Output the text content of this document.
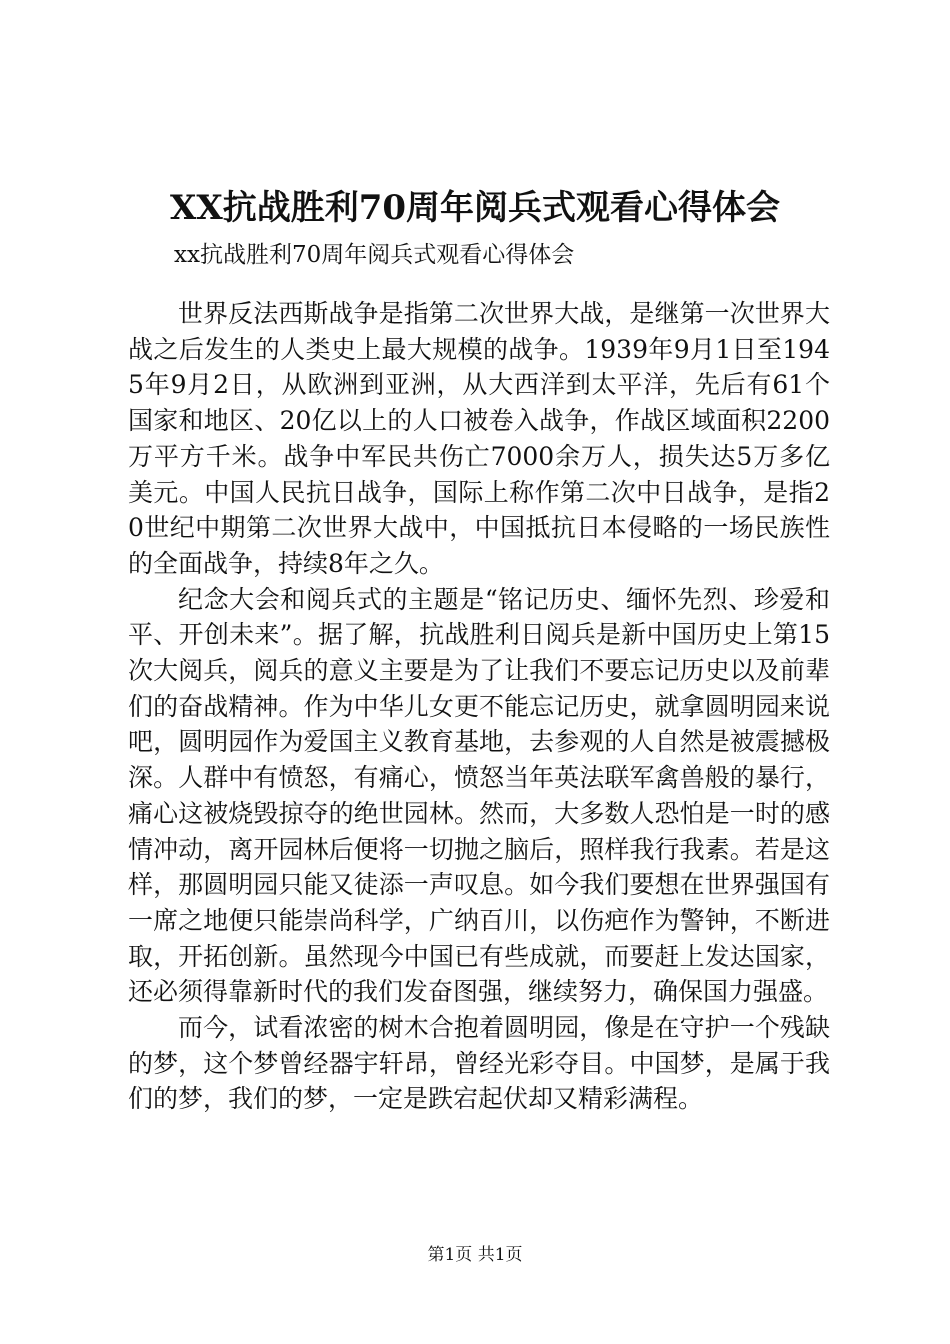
XX抗战胜利70周年阅兵式观看心得体会

xx抗战胜利70周年阅兵式观看心得体会

世界反法西斯战争是指第二次世界大战，是继第一次世界大战之后发生的人类史上最大规模的战争。1939年9月1日至1945年9月2日，从欧洲到亚洲，从大西洋到太平洋，先后有61个国家和地区、20亿以上的人口被卷入战争，作战区域面积2200万平方千米。战争中军民共伤亡7000余万人，损失达5万多亿美元。中国人民抗日战争，国际上称作第二次中日战争，是指20世纪中期第二次世界大战中，中国抵抗日本侵略的一场民族性的全面战争，持续8年之久。

纪念大会和阅兵式的主题是“铭记历史、缅怀先烈、珍爱和平、开创未来”。据了解，抗战胜利日阅兵是新中国历史上第15次大阅兵，阅兵的意义主要是为了让我们不要忘记历史以及前辈们的奋战精神。作为中华儿女更不能忘记历史，就拿圆明园来说吧，圆明园作为爱国主义教育基地，去参观的人自然是被震撼极深。人群中有愤怒，有痛心，愤怒当年英法联军禽兽般的暴行，痛心这被烧毁掠夺的绝世园林。然而，大多数人恐怕是一时的感情冲动，离开园林后便将一切抛之脑后，照样我行我素。若是这样，那圆明园只能又徒添一声叹息。如今我们要想在世界强国有一席之地便只能崇尚科学，广纳百川，以伤疤作为警钟，不断进取，开拓创新。虽然现今中国已有些成就，而要赶上发达国家，还必须得靠新时代的我们发奋图强，继续努力，确保国力强盛。

而今，试看浓密的树木合抱着圆明园，像是在守护一个残缺的梦，这个梦曾经器宇轩昂，曾经光彩夺目。中国梦，是属于我们的梦，我们的梦，一定是跌宕起伏却又精彩满程。

第1页 共1页
